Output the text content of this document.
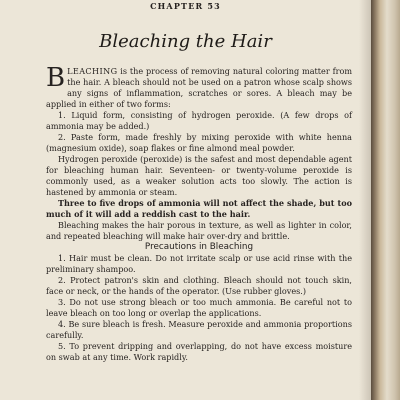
CHAPTER 53
Bleaching the Hair

BLEACHING is the process of removing natural coloring matter from the hair. A bleach should not be used on a patron whose scalp shows any signs of inflammation, scratches or sores. A bleach may be applied in either of two forms:

1. Liquid form, consisting of hydrogen peroxide. (A few drops of ammonia may be added.)

2. Paste form, made freshly by mixing peroxide with white henna (magnesium oxide), soap flakes or fine almond meal powder.

Hydrogen peroxide (peroxide) is the safest and most dependable agent for bleaching human hair. Seventeen- or twenty-volume peroxide is commonly used, as a weaker solution acts too slowly. The action is hastened by ammonia or steam.

Three to five drops of ammonia will not affect the shade, but too much of it will add a reddish cast to the hair.

Bleaching makes the hair porous in texture, as well as lighter in color, and repeated bleaching will make hair over-dry and brittle.

Precautions in Bleaching

1. Hair must be clean. Do not irritate scalp or use acid rinse with the preliminary shampoo.

2. Protect patron's skin and clothing. Bleach should not touch skin, face or neck, or the hands of the operator. (Use rubber gloves.)

3. Do not use strong bleach or too much ammonia. Be careful not to leave bleach on too long or overlap the applications.

4. Be sure bleach is fresh. Measure peroxide and ammonia proportions carefully.

5. To prevent dripping and overlapping, do not have excess moisture on swab at any time. Work rapidly.
